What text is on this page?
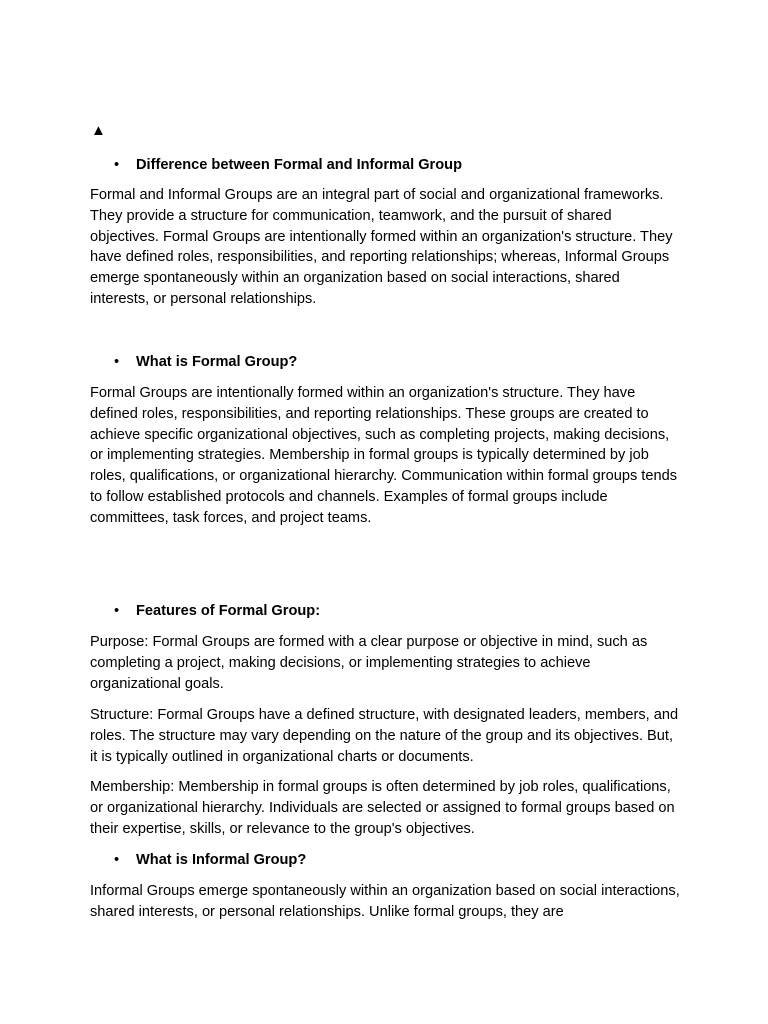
▲
• Difference between Formal and Informal Group

Formal and Informal Groups are an integral part of social and organizational frameworks. They provide a structure for communication, teamwork, and the pursuit of shared objectives. Formal Groups are intentionally formed within an organization's structure. They have defined roles, responsibilities, and reporting relationships; whereas, Informal Groups emerge spontaneously within an organization based on social interactions, shared interests, or personal relationships.

• What is Formal Group?

Formal Groups are intentionally formed within an organization's structure. They have defined roles, responsibilities, and reporting relationships. These groups are created to achieve specific organizational objectives, such as completing projects, making decisions, or implementing strategies. Membership in formal groups is typically determined by job roles, qualifications, or organizational hierarchy. Communication within formal groups tends to follow established protocols and channels. Examples of formal groups include committees, task forces, and project teams.

• Features of Formal Group:

Purpose: Formal Groups are formed with a clear purpose or objective in mind, such as completing a project, making decisions, or implementing strategies to achieve organizational goals.

Structure: Formal Groups have a defined structure, with designated leaders, members, and roles. The structure may vary depending on the nature of the group and its objectives. But, it is typically outlined in organizational charts or documents.

Membership: Membership in formal groups is often determined by job roles, qualifications, or organizational hierarchy. Individuals are selected or assigned to formal groups based on their expertise, skills, or relevance to the group's objectives.

• What is Informal Group?

Informal Groups emerge spontaneously within an organization based on social interactions, shared interests, or personal relationships. Unlike formal groups, they are
